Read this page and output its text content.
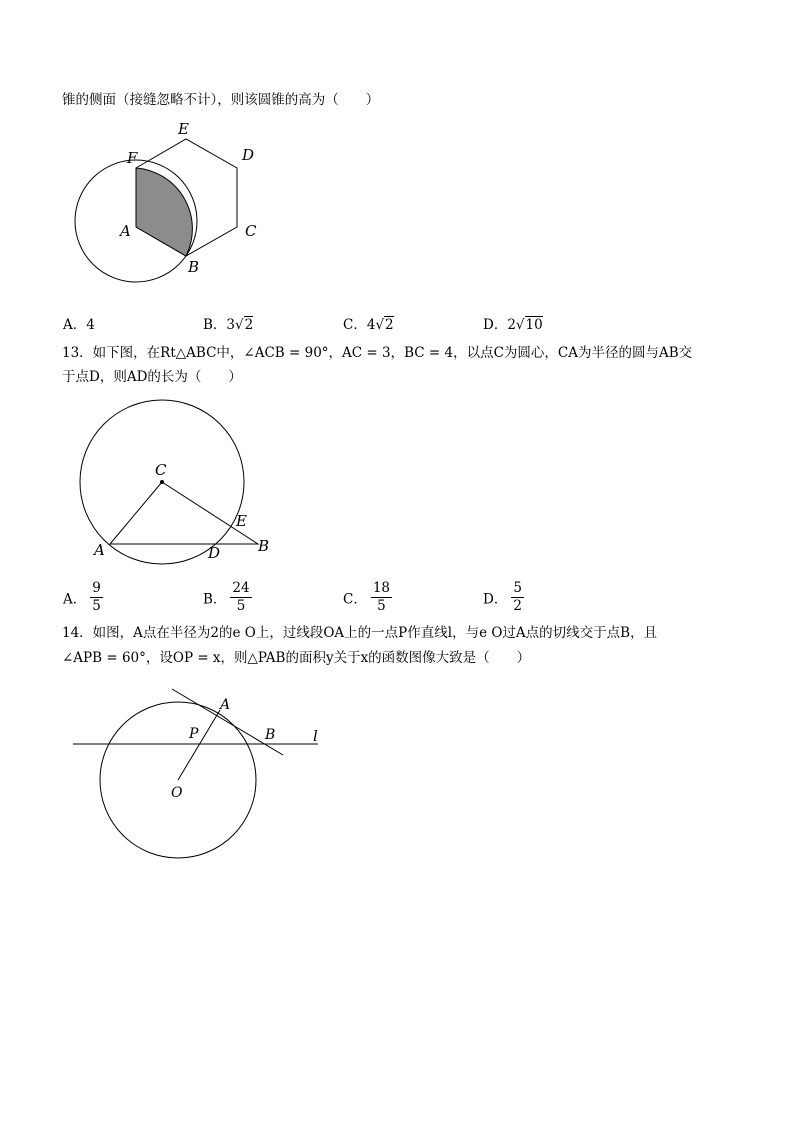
锥的侧面（接缝忽略不计），则该圆锥的高为（　　）
E
F	D
A	C
B
A．4	B．3√2	C．4√2	D．2√10
13．如下图，在Rt△ABC中，∠ACB = 90°，AC = 3，BC = 4，以点C为圆心，CA为半径的圆与AB交
于点D，则AD的长为（　　）
C
E
A	D	B
A． $\frac{9}{5}$	B． $\frac{24}{5}$	C． $\frac{18}{5}$	D． $\frac{5}{2}$
14．如图，A点在半径为2的e O上，过线段OA上的一点P作直线l，与e O过A点的切线交于点B，且
∠APB = 60°，设OP = x，则△PAB的面积y关于x的函数图像大致是（　　）
A
P	B	l
O
